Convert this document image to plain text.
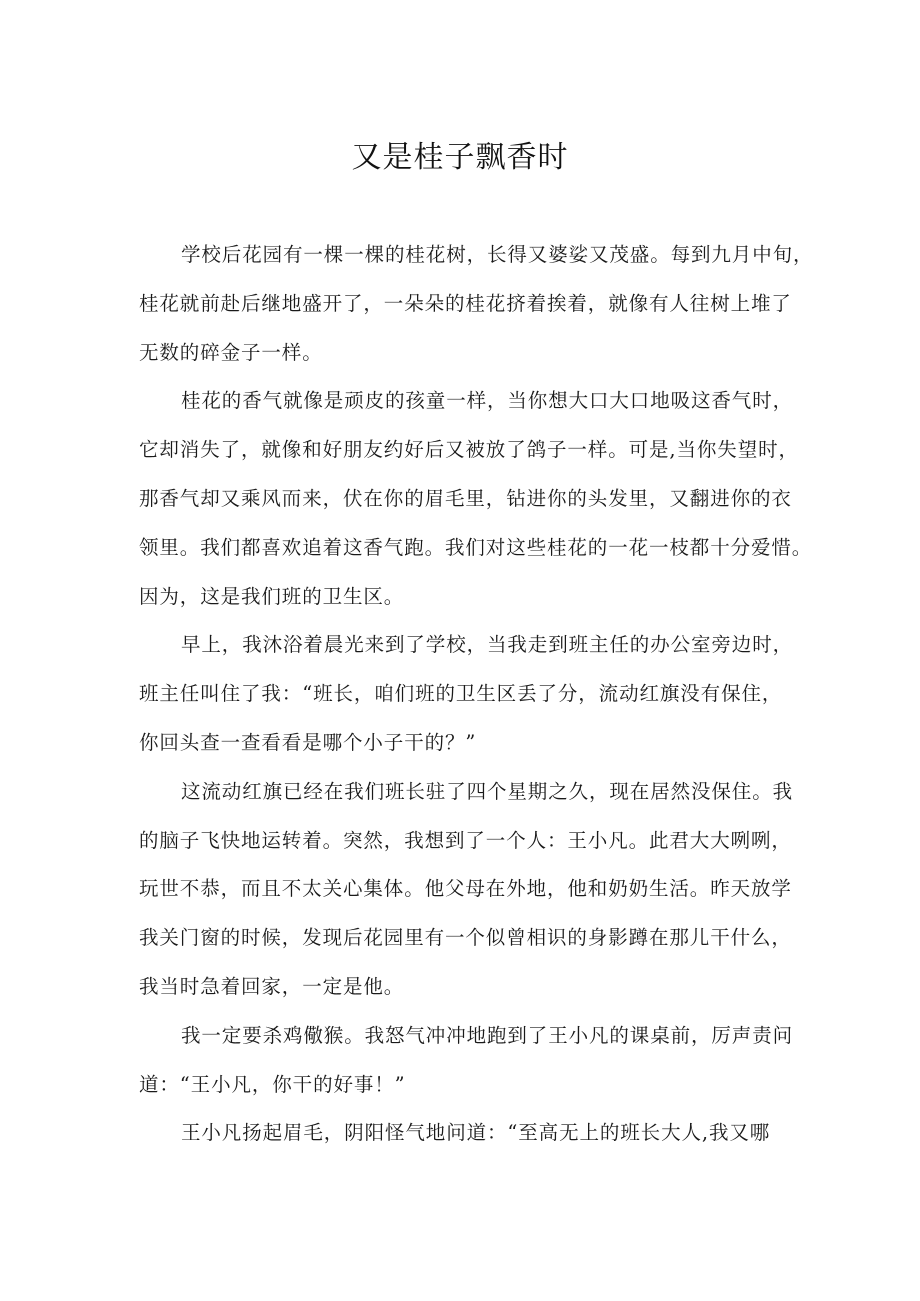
又是桂子飘香时
学校后花园有一棵一棵的桂花树，长得又婆娑又茂盛。每到九月中旬，
桂花就前赴后继地盛开了，一朵朵的桂花挤着挨着，就像有人往树上堆了
无数的碎金子一样。
桂花的香气就像是顽皮的孩童一样，当你想大口大口地吸这香气时，
它却消失了，就像和好朋友约好后又被放了鸽子一样。可是,当你失望时，
那香气却又乘风而来，伏在你的眉毛里，钻进你的头发里，又翻进你的衣
领里。我们都喜欢追着这香气跑。我们对这些桂花的一花一枝都十分爱惜。
因为，这是我们班的卫生区。
早上，我沐浴着晨光来到了学校，当我走到班主任的办公室旁边时，
班主任叫住了我：“班长，咱们班的卫生区丢了分，流动红旗没有保住，
你回头查一查看看是哪个小子干的？”
这流动红旗已经在我们班长驻了四个星期之久，现在居然没保住。我
的脑子飞快地运转着。突然，我想到了一个人：王小凡。此君大大咧咧，
玩世不恭，而且不太关心集体。他父母在外地，他和奶奶生活。昨天放学
我关门窗的时候，发现后花园里有一个似曾相识的身影蹲在那儿干什么，
我当时急着回家，一定是他。
我一定要杀鸡儆猴。我怒气冲冲地跑到了王小凡的课桌前，厉声责问
道：“王小凡，你干的好事！”
王小凡扬起眉毛，阴阳怪气地问道：“至高无上的班长大人,我又哪
